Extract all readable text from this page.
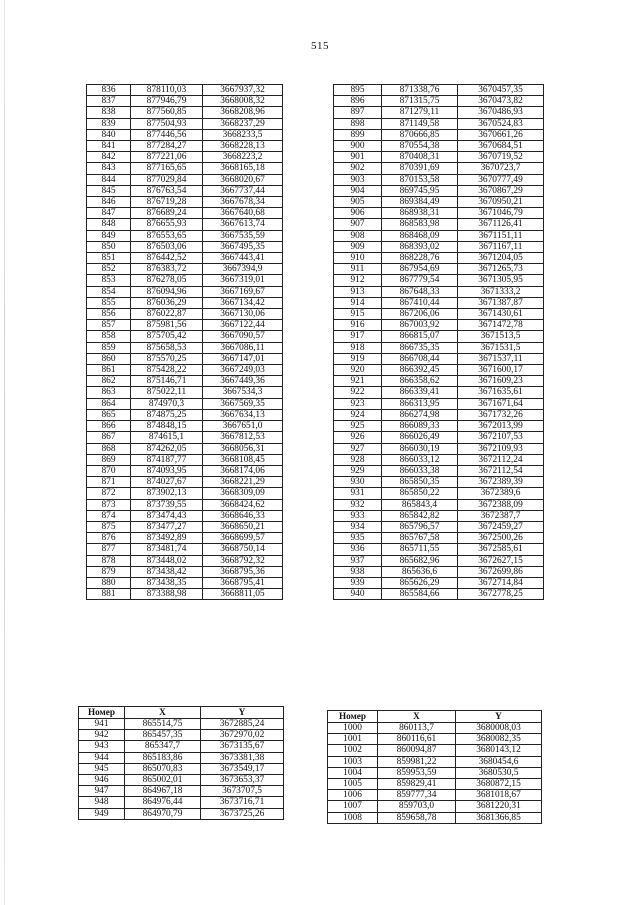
515
836	878110,03	3667937,32
837	877946,79	3668008,32
838	877560,85	3668208,96
839	877504,93	3668237,29
840	877446,56	3668233,5
841	877284,27	3668228,13
842	877221,06	3668223,2
843	877165,65	3668165,18
844	877029,84	3668020,67
845	876763,54	3667737,44
846	876719,28	3667678,34
847	876689,24	3667640,68
848	876655,93	3667613,74
849	876553,65	3667535,59
850	876503,06	3667495,35
851	876442,52	3667443,41
852	876383,72	3667394,9
853	876278,05	3667319,01
854	876094,96	3667169,67
855	876036,29	3667134,42
856	876022,87	3667130,06
857	875981,56	3667122,44
858	875705,42	3667090,57
859	875658,53	3667086,11
860	875570,25	3667147,01
861	875428,22	3667249,03
862	875146,71	3667449,36
863	875022,11	3667534,3
864	874970,3	3667569,35
865	874875,25	3667634,13
866	874848,15	3667651,0
867	874615,1	3667812,53
868	874262,05	3668056,31
869	874187,77	3668108,45
870	874093,95	3668174,06
871	874027,67	3668221,29
872	873902,13	3668309,09
873	873739,55	3668424,62
874	873474,43	3668646,33
875	873477,27	3668650,21
876	873492,89	3668699,57
877	873481,74	3668750,14
878	873448,02	3668792,32
879	873438,42	3668795,36
880	873438,35	3668795,41
881	873388,98	3668811,05
895	871338,76	3670457,35
896	871315,75	3670473,82
897	871279,11	3670486,93
898	871149,58	3670524,83
899	870666,85	3670661,26
900	870554,38	3670684,51
901	870408,31	3670719,52
902	870391,69	3670723,7
903	870153,58	3670777,49
904	869745,95	3670867,29
905	869384,49	3670950,21
906	868938,31	3671046,79
907	868583,98	3671126,41
908	868468,09	3671151,11
909	868393,02	3671167,11
910	868228,76	3671204,05
911	867954,69	3671265,73
912	867779,54	3671305,95
913	867648,33	3671333,2
914	867410,44	3671387,87
915	867206,06	3671430,61
916	867003,92	3671472,78
917	866815,07	3671513,5
918	866735,35	3671531,5
919	866708,44	3671537,11
920	866392,45	3671600,17
921	866358,62	3671609,23
922	866339,41	3671635,61
923	866313,95	3671671,64
924	866274,98	3671732,26
925	866089,33	3672013,99
926	866026,49	3672107,53
927	866030,19	3672109,93
928	866033,12	3672112,24
929	866033,38	3672112,54
930	865850,35	3672389,39
931	865850,22	3672389,6
932	865843,4	3672388,09
933	865842,82	3672387,7
934	865796,57	3672459,27
935	865767,58	3672500,26
936	865711,55	3672585,61
937	865682,96	3672627,15
938	865636,6	3672699,86
939	865626,29	3672714,84
940	865584,66	3672778,25
Номер	X	Y
941	865514,75	3672885,24
942	865457,35	3672970,02
943	865347,7	3673135,67
944	865183,86	3673381,38
945	865070,83	3673549,17
946	865002,01	3673653,37
947	864967,18	3673707,5
948	864976,44	3673716,71
949	864970,79	3673725,26
Номер	X	Y
1000	860113,7	3680008,03
1001	860116,61	3680082,35
1002	860094,87	3680143,12
1003	859981,22	3680454,6
1004	859953,59	3680530,5
1005	859829,41	3680872,15
1006	859777,34	3681018,67
1007	859703,0	3681220,31
1008	859658,78	3681366,85
